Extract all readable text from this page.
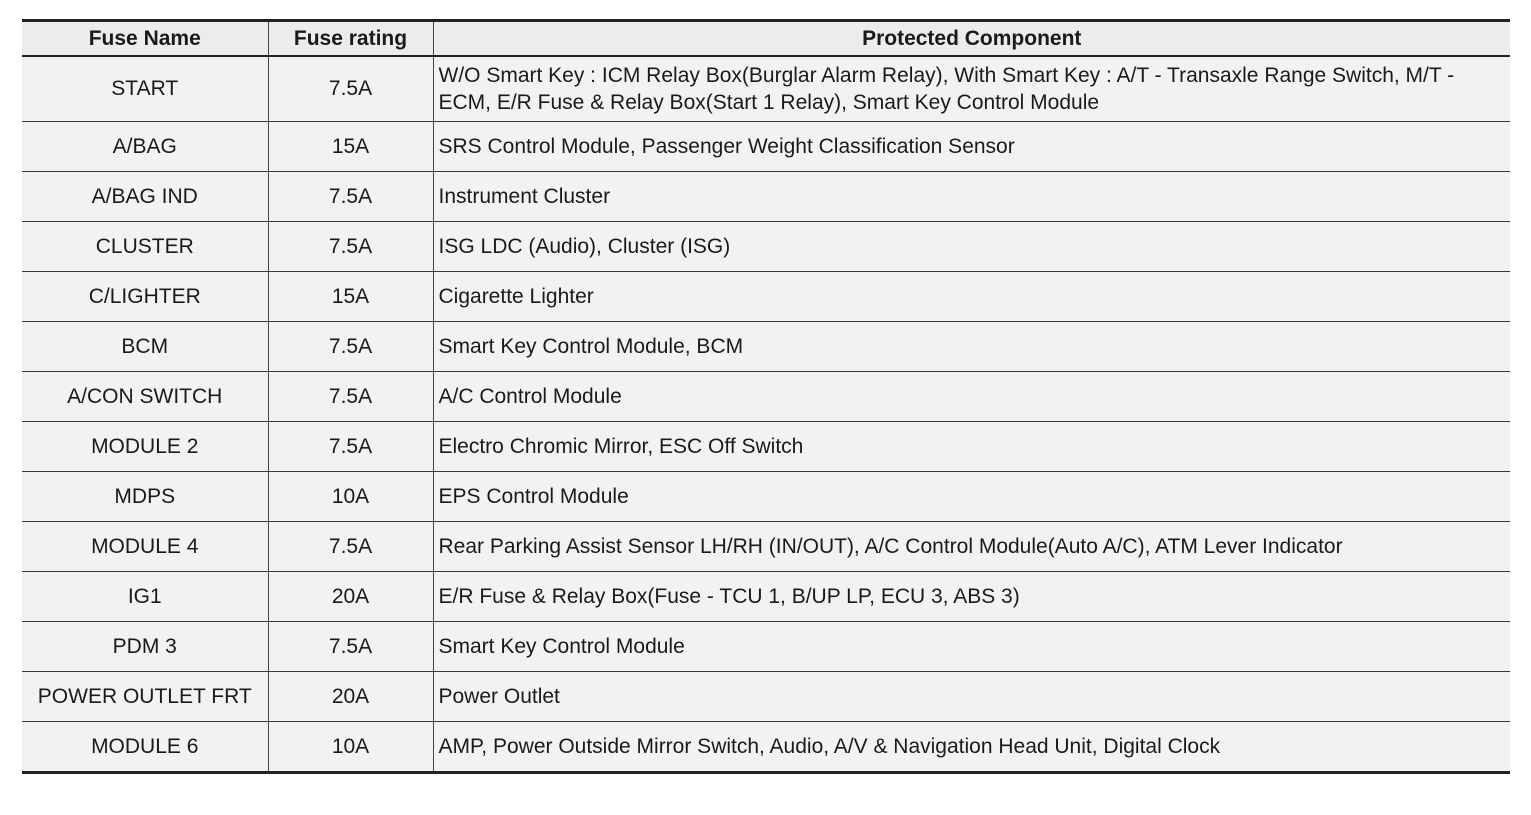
Fuse Name	Fuse rating	Protected Component
START	7.5A	W/O Smart Key : ICM Relay Box(Burglar Alarm Relay), With Smart Key : A/T - Transaxle Range Switch, M/T - ECM, E/R Fuse & Relay Box(Start 1 Relay), Smart Key Control Module
A/BAG	15A	SRS Control Module, Passenger Weight Classification Sensor
A/BAG IND	7.5A	Instrument Cluster
CLUSTER	7.5A	ISG LDC (Audio), Cluster (ISG)
C/LIGHTER	15A	Cigarette Lighter
BCM	7.5A	Smart Key Control Module, BCM
A/CON SWITCH	7.5A	A/C Control Module
MODULE 2	7.5A	Electro Chromic Mirror, ESC Off Switch
MDPS	10A	EPS Control Module
MODULE 4	7.5A	Rear Parking Assist Sensor LH/RH (IN/OUT), A/C Control Module(Auto A/C), ATM Lever Indicator
IG1	20A	E/R Fuse & Relay Box(Fuse - TCU 1, B/UP LP, ECU 3, ABS 3)
PDM 3	7.5A	Smart Key Control Module
POWER OUTLET FRT	20A	Power Outlet
MODULE 6	10A	AMP, Power Outside Mirror Switch, Audio, A/V & Navigation Head Unit, Digital Clock
